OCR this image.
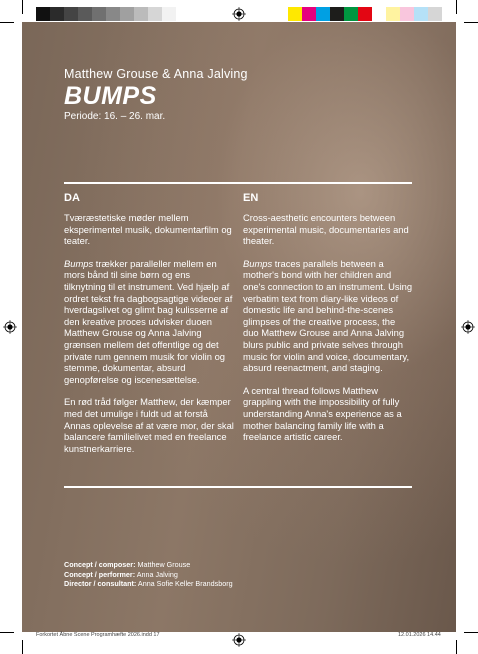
Matthew Grouse & Anna Jalving
BUMPS
Periode: 16. – 26. mar.
DA

Tværæstetiske møder mellem eksperimentel musik, dokumentarfilm og teater.

Bumps trækker paralleller mellem en mors bånd til sine børn og ens tilknytning til et instrument. Ved hjælp af ordret tekst fra dagbogsagtige videoer af hverdagslivet og glimt bag kulisserne af den kreative proces udvisker duoen Matthew Grouse og Anna Jalving grænsen mellem det offentlige og det private rum gennem musik for violin og stemme, dokumentar, absurd genopførelse og iscenesættelse.

En rød tråd følger Matthew, der kæmper med det umulige i fuldt ud at forstå Annas oplevelse af at være mor, der skal balancere familielivet med en freelance kunstnerkarriere.

EN

Cross-aesthetic encounters between experimental music, documentaries and theater.

Bumps traces parallels between a mother's bond with her children and one's connection to an instrument. Using verbatim text from diary-like videos of domestic life and behind-the-scenes glimpses of the creative process, the duo Matthew Grouse and Anna Jalving blurs public and private selves through music for violin and voice, documentary, absurd reenactment, and staging.

A central thread follows Matthew grappling with the impossibility of fully understanding Anna's experience as a mother balancing family life with a freelance artistic career.

Concept / composer: Matthew Grouse
Concept / performer: Anna Jalving
Director / consultant: Anna Sofie Keller Brandsborg
Forkortet Åbne Scene Programhæfte 2026.indd 17	12.01.2026 14.44
